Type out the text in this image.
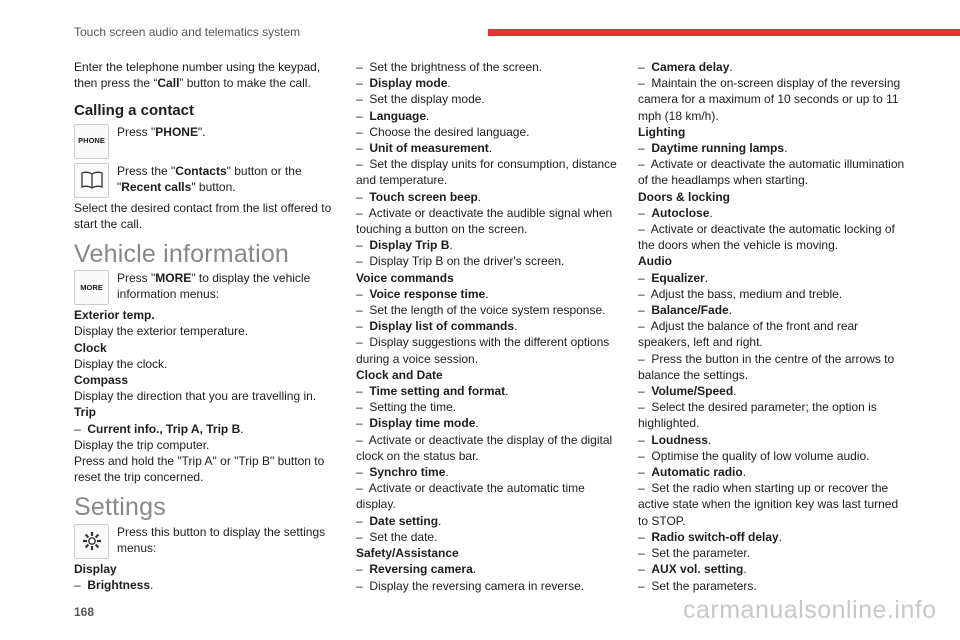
Touch screen audio and telematics system

Enter the telephone number using the keypad, then press the “Call” button to make the call.

Calling a contact
PHONE

Press "PHONE".

Press the "Contacts" button or the "Recent calls" button.

Select the desired contact from the list offered to start the call.

Vehicle information
MORE

Press "MORE" to display the vehicle information menus:

Exterior temp.

Display the exterior temperature.

Clock

Display the clock.

Compass

Display the direction that you are travelling in.

Trip

– Current info., Trip A, Trip B.

Display the trip computer.

Press and hold the "Trip A" or "Trip B" button to reset the trip concerned.

Settings

Press this button to display the settings menus:

Display

– Brightness.

– Set the brightness of the screen.

– Display mode.

– Set the display mode.

– Language.

– Choose the desired language.

– Unit of measurement.

– Set the display units for consumption, distance and temperature.

– Touch screen beep.

– Activate or deactivate the audible signal when touching a button on the screen.

– Display Trip B.

– Display Trip B on the driver's screen.

Voice commands

– Voice response time.

– Set the length of the voice system response.

– Display list of commands.

– Display suggestions with the different options during a voice session.

Clock and Date

– Time setting and format.

– Setting the time.

– Display time mode.

– Activate or deactivate the display of the digital clock on the status bar.

– Synchro time.

– Activate or deactivate the automatic time display.

– Date setting.

– Set the date.

Safety/Assistance

– Reversing camera.

– Display the reversing camera in reverse.

– Camera delay.

– Maintain the on-screen display of the reversing camera for a maximum of 10 seconds or up to 11 mph (18 km/h).

Lighting

– Daytime running lamps.

– Activate or deactivate the automatic illumination of the headlamps when starting.

Doors & locking

– Autoclose.

– Activate or deactivate the automatic locking of the doors when the vehicle is moving.

Audio

– Equalizer.

– Adjust the bass, medium and treble.

– Balance/Fade.

– Adjust the balance of the front and rear speakers, left and right.

– Press the button in the centre of the arrows to balance the settings.

– Volume/Speed.

– Select the desired parameter; the option is highlighted.

– Loudness.

– Optimise the quality of low volume audio.

– Automatic radio.

– Set the radio when starting up or recover the active state when the ignition key was last turned to STOP.

– Radio switch-off delay.

– Set the parameter.

– AUX vol. setting.

– Set the parameters.

168	carmanualsonline.info
